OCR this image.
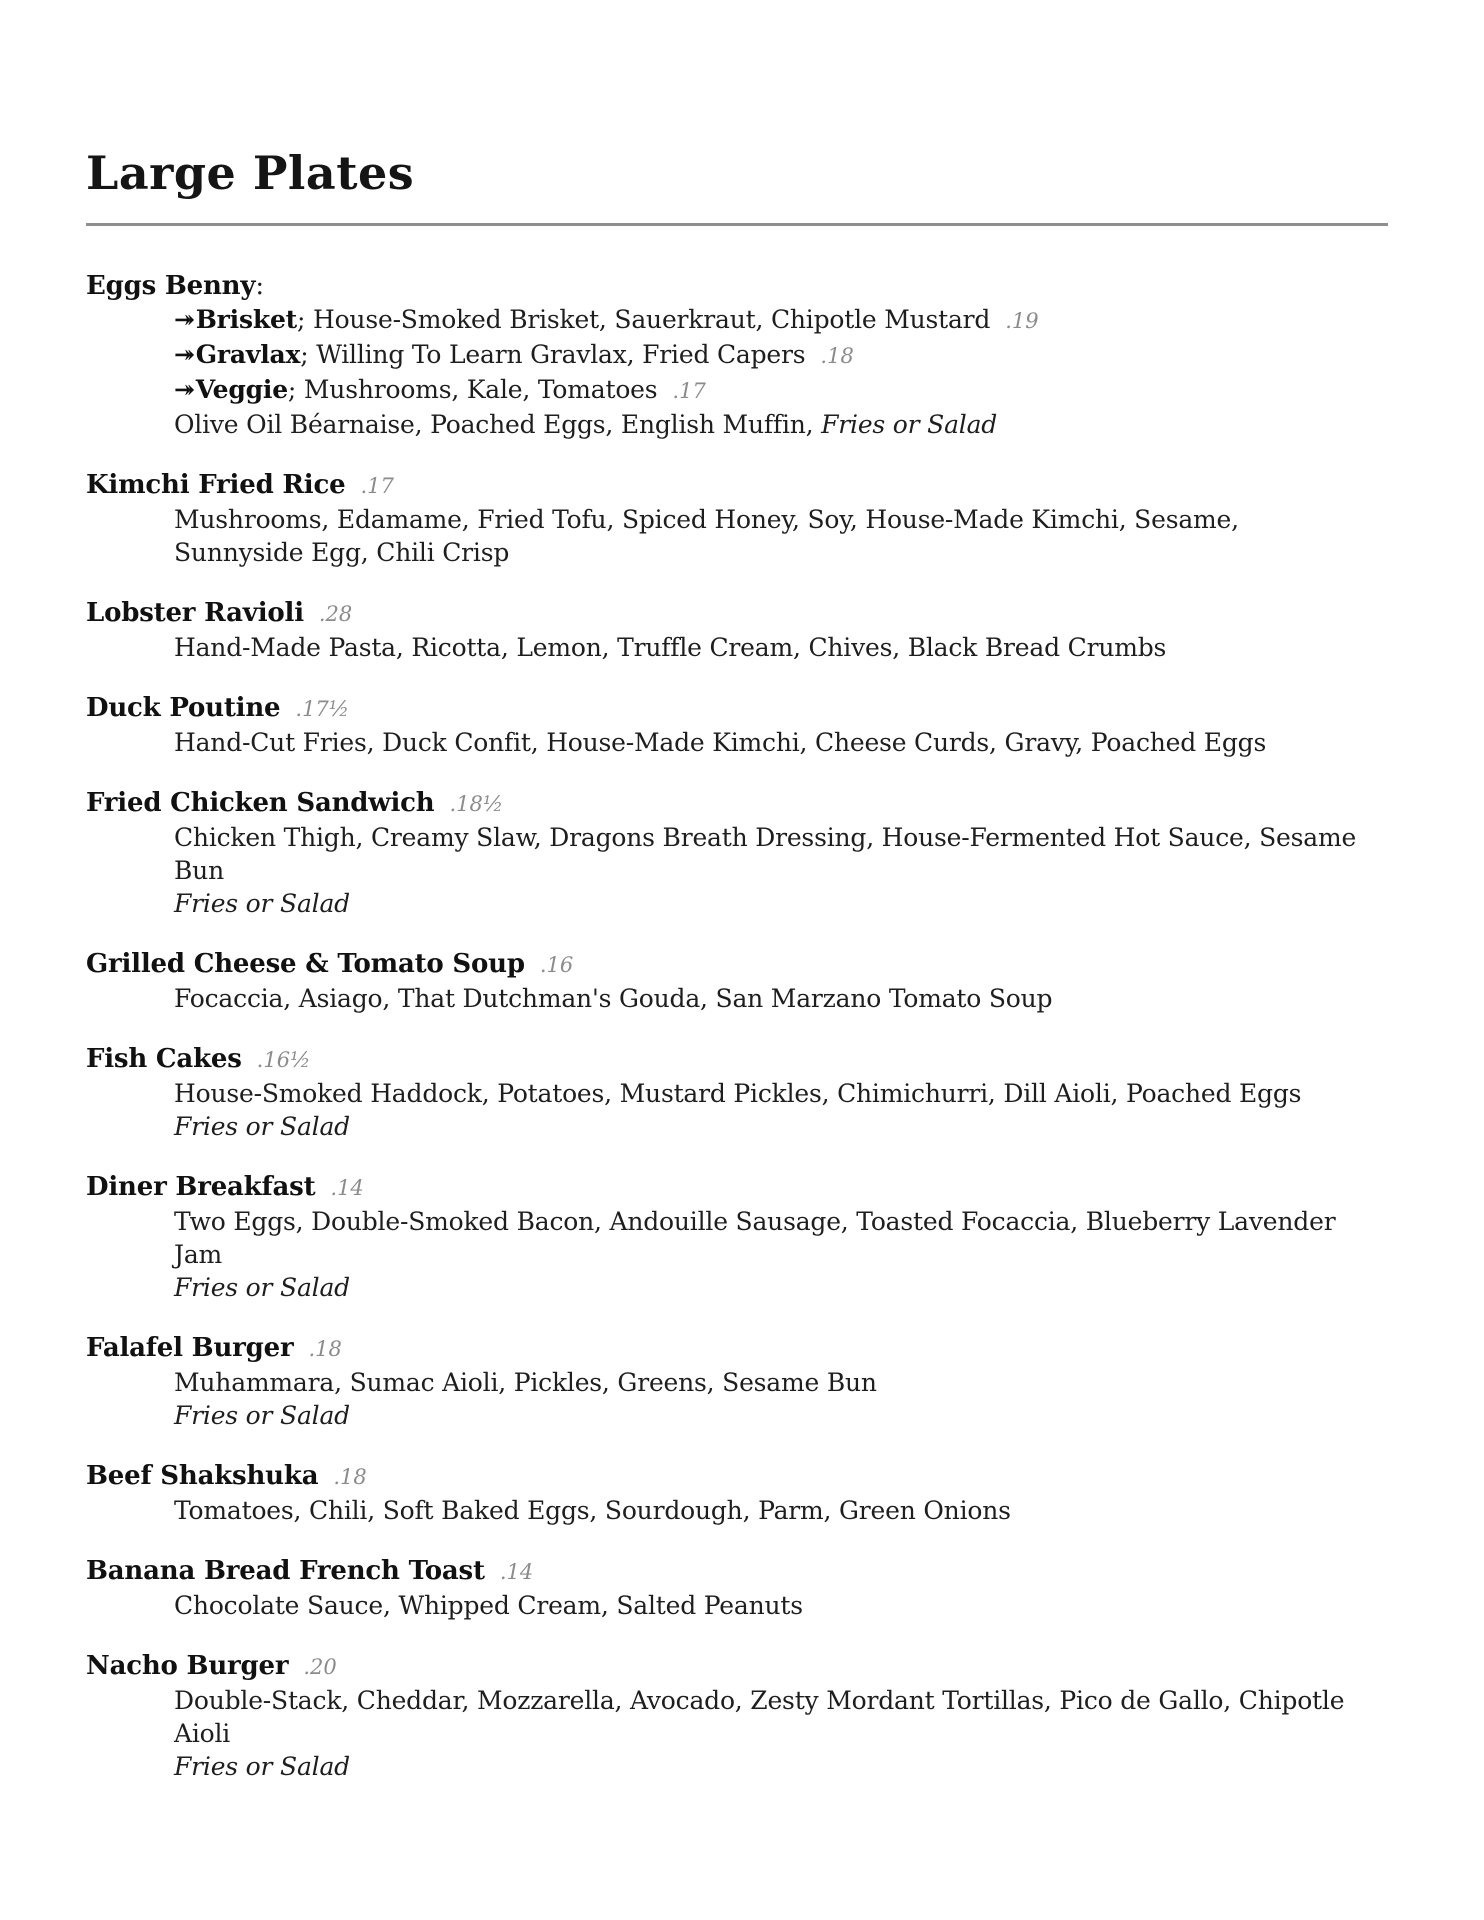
Large Plates
Eggs Benny:
↠Brisket; House-Smoked Brisket, Sauerkraut, Chipotle Mustard .19
↠Gravlax; Willing To Learn Gravlax, Fried Capers .18
↠Veggie; Mushrooms, Kale, Tomatoes .17
Olive Oil Béarnaise, Poached Eggs, English Muffin, Fries or Salad
Kimchi Fried Rice .17
Mushrooms, Edamame, Fried Tofu, Spiced Honey, Soy, House-Made Kimchi, Sesame,
Sunnyside Egg, Chili Crisp
Lobster Ravioli .28
Hand-Made Pasta, Ricotta, Lemon, Truffle Cream, Chives, Black Bread Crumbs
Duck Poutine .17½
Hand-Cut Fries, Duck Confit, House-Made Kimchi, Cheese Curds, Gravy, Poached Eggs
Fried Chicken Sandwich .18½
Chicken Thigh, Creamy Slaw, Dragons Breath Dressing, House-Fermented Hot Sauce, Sesame Bun
Fries or Salad
Grilled Cheese & Tomato Soup .16
Focaccia, Asiago, That Dutchman's Gouda, San Marzano Tomato Soup
Fish Cakes .16½
House-Smoked Haddock, Potatoes, Mustard Pickles, Chimichurri, Dill Aioli, Poached Eggs
Fries or Salad
Diner Breakfast .14
Two Eggs, Double-Smoked Bacon, Andouille Sausage, Toasted Focaccia, Blueberry Lavender Jam
Fries or Salad
Falafel Burger .18
Muhammara, Sumac Aioli, Pickles, Greens, Sesame Bun
Fries or Salad
Beef Shakshuka .18
Tomatoes, Chili, Soft Baked Eggs, Sourdough, Parm, Green Onions
Banana Bread French Toast .14
Chocolate Sauce, Whipped Cream, Salted Peanuts
Nacho Burger .20
Double-Stack, Cheddar, Mozzarella, Avocado, Zesty Mordant Tortillas, Pico de Gallo, Chipotle Aioli
Fries or Salad
